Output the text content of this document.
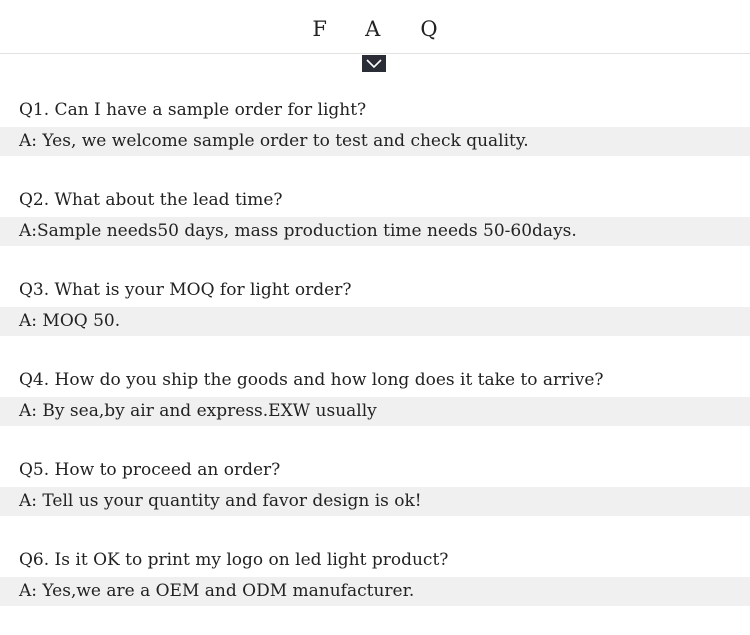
FAQ
Q1. Can I have a sample order for light?
A: Yes, we welcome sample order to test and check quality.
Q2. What about the lead time?
A:Sample needs50 days, mass production time needs 50-60days.
Q3. What is your MOQ for light order?
A: MOQ 50.
Q4. How do you ship the goods and how long does it take to arrive?
A: By sea,by air and express.EXW usually
Q5. How to proceed an order?
A: Tell us your quantity and favor design is ok!
Q6. Is it OK to print my logo on led light product?
A: Yes,we are a OEM and ODM manufacturer.
